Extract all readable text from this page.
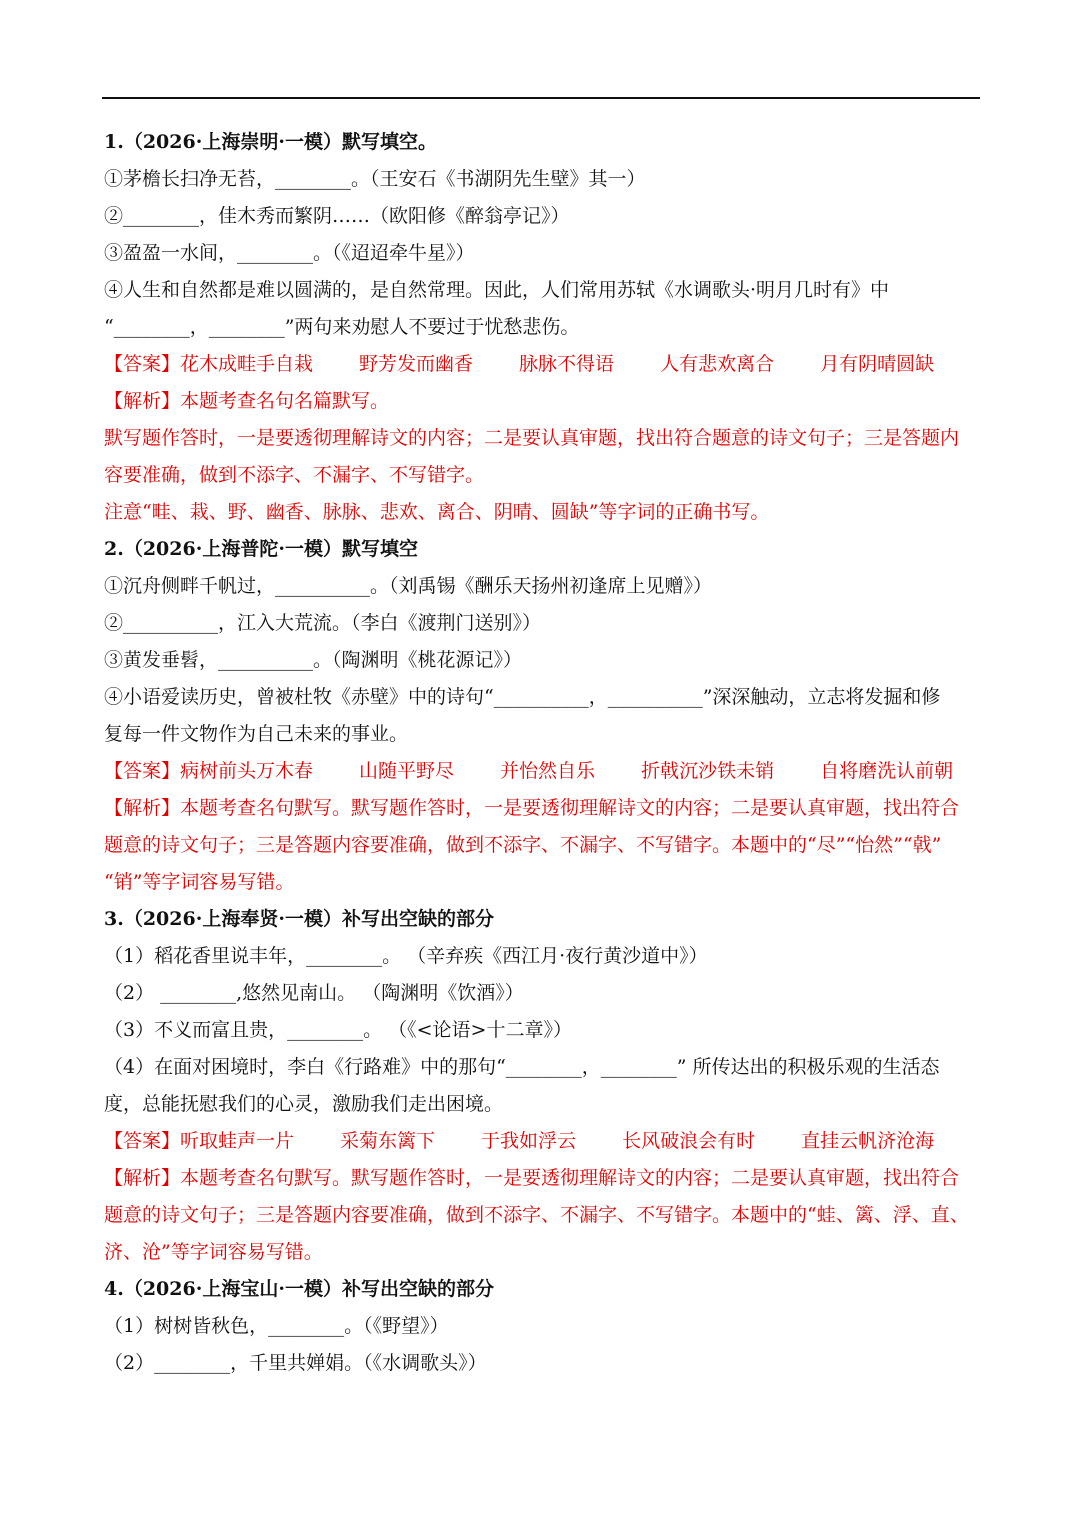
1.（2026·上海崇明·一模）默写填空。
①茅檐长扫净无苔，________。（王安石《书湖阴先生壁》其一）
②________，佳木秀而繁阴……（欧阳修《醉翁亭记》）
③盈盈一水间，________。（《迢迢牵牛星》）
④人生和自然都是难以圆满的，是自然常理。因此，人们常用苏轼《水调歌头·明月几时有》中
“________，________”两句来劝慰人不要过于忧愁悲伤。
【答案】花木成畦手自栽 野芳发而幽香 脉脉不得语 人有悲欢离合 月有阴晴圆缺
【解析】本题考查名句名篇默写。
默写题作答时，一是要透彻理解诗文的内容；二是要认真审题，找出符合题意的诗文句子；三是答题内
容要准确，做到不添字、不漏字、不写错字。
注意“畦、栽、野、幽香、脉脉、悲欢、离合、阴晴、圆缺”等字词的正确书写。
2.（2026·上海普陀·一模）默写填空
①沉舟侧畔千帆过，__________。（刘禹锡《酬乐天扬州初逢席上见赠》）
②__________，江入大荒流。（李白《渡荆门送别》）
③黄发垂髫，__________。（陶渊明《桃花源记》）
④小语爱读历史，曾被杜牧《赤壁》中的诗句“__________，__________”深深触动，立志将发掘和修
复每一件文物作为自己未来的事业。
【答案】病树前头万木春 山随平野尽 并怡然自乐 折戟沉沙铁未销 自将磨洗认前朝
【解析】本题考查名句默写。默写题作答时，一是要透彻理解诗文的内容；二是要认真审题，找出符合
题意的诗文句子；三是答题内容要准确，做到不添字、不漏字、不写错字。本题中的“尽”“怡然”“戟”
“销”等字词容易写错。
3.（2026·上海奉贤·一模）补写出空缺的部分
（1）稻花香里说丰年，________。 （辛弃疾《西江月·夜行黄沙道中》）
（2） ________,悠然见南山。 （陶渊明《饮酒》）
（3）不义而富且贵，________。 （《<论语>十二章》）
（4）在面对困境时，李白《行路难》中的那句“________，________” 所传达出的积极乐观的生活态
度，总能抚慰我们的心灵，激励我们走出困境。
【答案】听取蛙声一片 采菊东篱下 于我如浮云 长风破浪会有时 直挂云帆济沧海
【解析】本题考查名句默写。默写题作答时，一是要透彻理解诗文的内容；二是要认真审题，找出符合
题意的诗文句子；三是答题内容要准确，做到不添字、不漏字、不写错字。本题中的“蛙、篱、浮、直、
济、沧”等字词容易写错。
4.（2026·上海宝山·一模）补写出空缺的部分
（1）树树皆秋色，________。（《野望》）
（2）________，千里共婵娟。（《水调歌头》）
